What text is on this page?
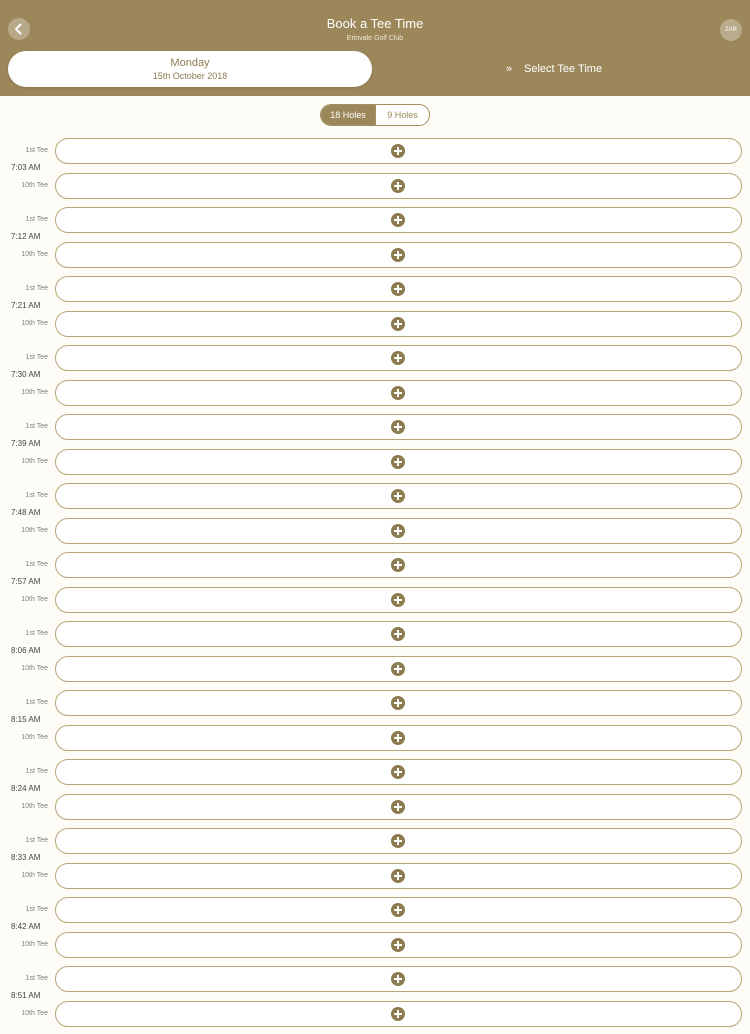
Book a Tee Time
Erinvale Golf Club
ZAR
Monday
15th October 2018
» Select Tee Time
18 Holes	9 Holes
1st Tee
7:03 AM
10th Tee
1st Tee
7:12 AM
10th Tee
1st Tee
7:21 AM
10th Tee
1st Tee
7:30 AM
10th Tee
1st Tee
7:39 AM
10th Tee
1st Tee
7:48 AM
10th Tee
1st Tee
7:57 AM
10th Tee
1st Tee
8:06 AM
10th Tee
1st Tee
8:15 AM
10th Tee
1st Tee
8:24 AM
10th Tee
1st Tee
8:33 AM
10th Tee
1st Tee
8:42 AM
10th Tee
1st Tee
8:51 AM
10th Tee
